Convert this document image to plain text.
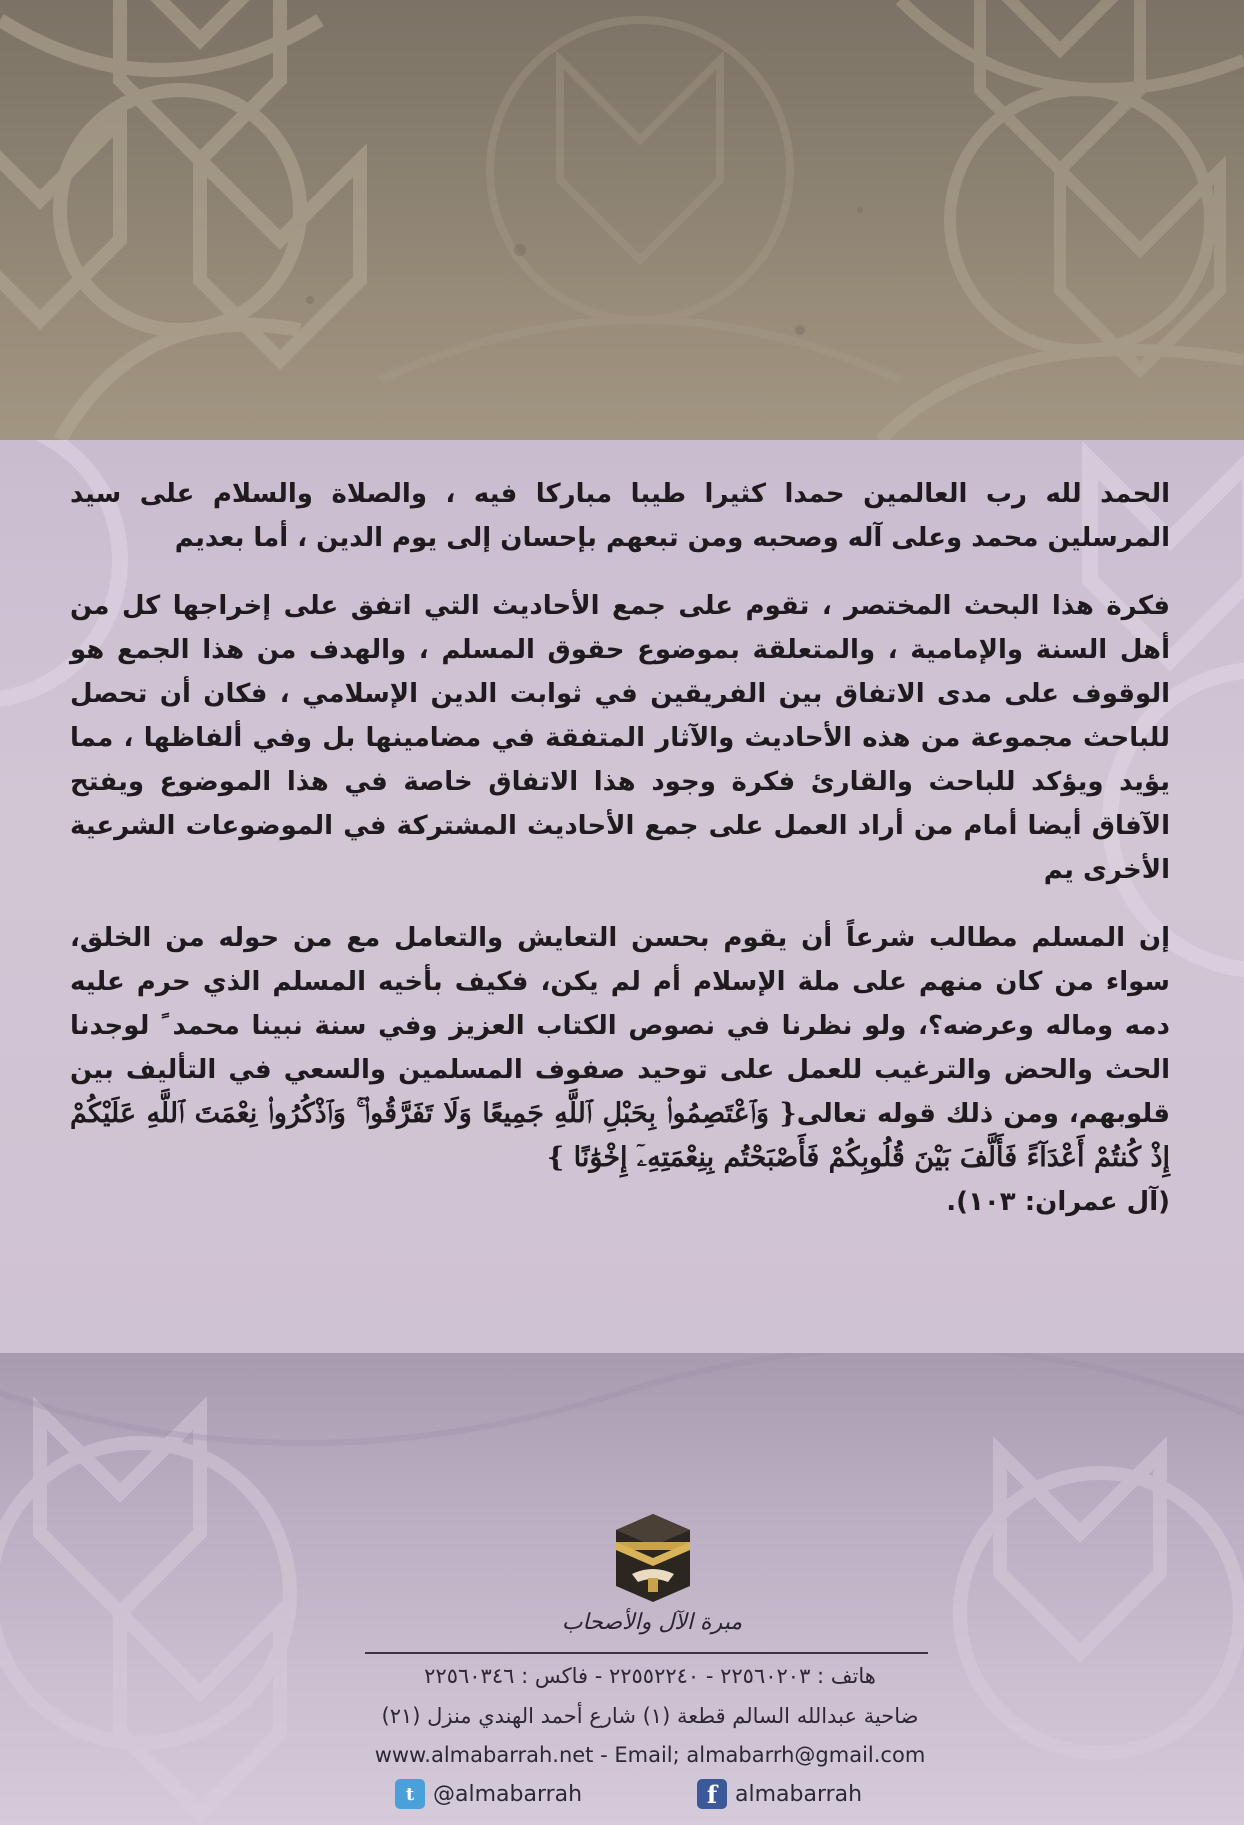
الحمد لله رب العالمين حمدا كثيرا طيبا مباركا فيه ، والصلاة والسلام على سيد المرسلين محمد وعلى آله وصحبه ومن تبعهم بإحسان إلى يوم الدين ، أما بعديم

فكرة هذا البحث المختصر ، تقوم على جمع الأحاديث التي اتفق على إخراجها كل من أهل السنة والإمامية ، والمتعلقة بموضوع حقوق المسلم ، والهدف من هذا الجمع هو الوقوف على مدى الاتفاق بين الفريقين في ثوابت الدين الإسلامي ، فكان أن تحصل للباحث مجموعة من هذه الأحاديث والآثار المتفقة في مضامينها بل وفي ألفاظها ، مما يؤيد ويؤكد للباحث والقارئ فكرة وجود هذا الاتفاق خاصة في هذا الموضوع ويفتح الآفاق أيضا أمام من أراد العمل على جمع الأحاديث المشتركة في الموضوعات الشرعية الأخرى يم

إن المسلم مطالب شرعاً أن يقوم بحسن التعايش والتعامل مع من حوله من الخلق، سواء من كان منهم على ملة الإسلام أم لم يكن، فكيف بأخيه المسلم الذي حرم عليه دمه وماله وعرضه؟، ولو نظرنا في نصوص الكتاب العزيز وفي سنة نبينا محمد ً لوجدنا الحث والحض والترغيب للعمل على توحيد صفوف المسلمين والسعي في التأليف بين قلوبهم، ومن ذلك قوله تعالى{ وَٱعْتَصِمُوا۟ بِحَبْلِ ٱللَّهِ جَمِيعًا وَلَا تَفَرَّقُوا۟ ۚ وَٱذْكُرُوا۟ نِعْمَتَ ٱللَّهِ عَلَيْكُمْ إِذْ كُنتُمْ أَعْدَآءً فَأَلَّفَ بَيْنَ قُلُوبِكُمْ فَأَصْبَحْتُم بِنِعْمَتِهِۦٓ إِخْوَٰنًا }

(آل عمران: ١٠٣).
مبرة الآل والأصحاب
هاتف : ٢٢٥٦٠٢٠٣ - ٢٢٥٥٢٢٤٠ - فاكس : ٢٢٥٦٠٣٤٦
ضاحية عبدالله السالم قطعة (١) شارع أحمد الهندي منزل (٢١)
www.almabarrah.net - Email; almabarrh@gmail.com
t @almabarrah	f almabarrah
